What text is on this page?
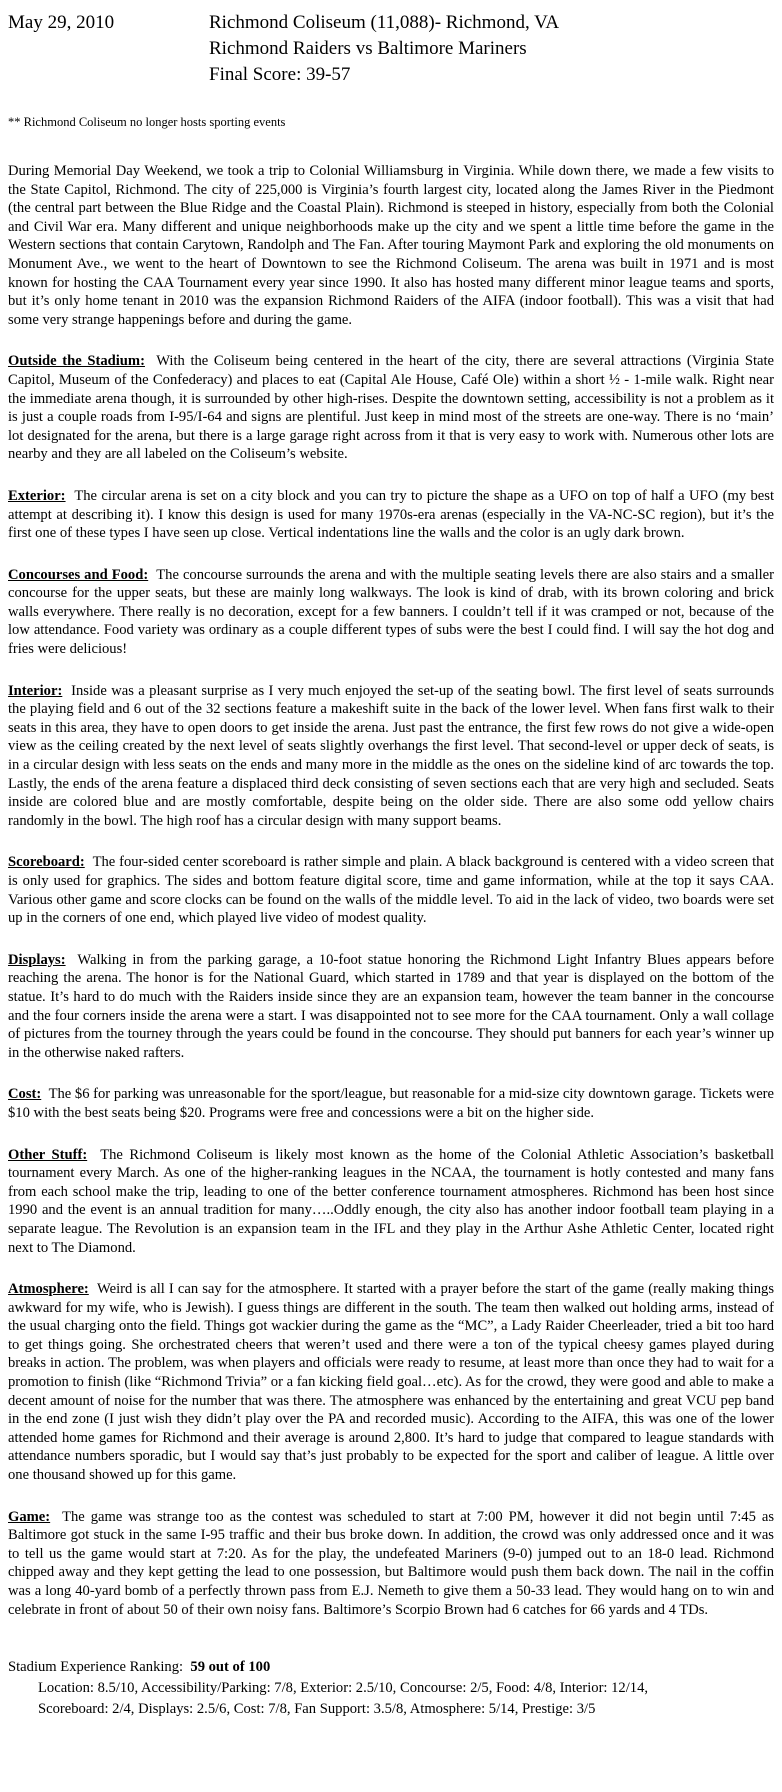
May 29, 2010	Richmond Coliseum (11,088)- Richmond, VA
Richmond Raiders vs Baltimore Mariners
Final Score: 39-57

** Richmond Coliseum no longer hosts sporting events

During Memorial Day Weekend, we took a trip to Colonial Williamsburg in Virginia. While down there, we made a few visits to the State Capitol, Richmond. The city of 225,000 is Virginia’s fourth largest city, located along the James River in the Piedmont (the central part between the Blue Ridge and the Coastal Plain). Richmond is steeped in history, especially from both the Colonial and Civil War era. Many different and unique neighborhoods make up the city and we spent a little time before the game in the Western sections that contain Carytown, Randolph and The Fan. After touring Maymont Park and exploring the old monuments on Monument Ave., we went to the heart of Downtown to see the Richmond Coliseum. The arena was built in 1971 and is most known for hosting the CAA Tournament every year since 1990. It also has hosted many different minor league teams and sports, but it’s only home tenant in 2010 was the expansion Richmond Raiders of the AIFA (indoor football). This was a visit that had some very strange happenings before and during the game.

Outside the Stadium: With the Coliseum being centered in the heart of the city, there are several attractions (Virginia State Capitol, Museum of the Confederacy) and places to eat (Capital Ale House, Café Ole) within a short ½ - 1-mile walk. Right near the immediate arena though, it is surrounded by other high-rises. Despite the downtown setting, accessibility is not a problem as it is just a couple roads from I-95/I-64 and signs are plentiful. Just keep in mind most of the streets are one-way. There is no ‘main’ lot designated for the arena, but there is a large garage right across from it that is very easy to work with. Numerous other lots are nearby and they are all labeled on the Coliseum’s website.

Exterior: The circular arena is set on a city block and you can try to picture the shape as a UFO on top of half a UFO (my best attempt at describing it). I know this design is used for many 1970s-era arenas (especially in the VA-NC-SC region), but it’s the first one of these types I have seen up close. Vertical indentations line the walls and the color is an ugly dark brown.

Concourses and Food: The concourse surrounds the arena and with the multiple seating levels there are also stairs and a smaller concourse for the upper seats, but these are mainly long walkways. The look is kind of drab, with its brown coloring and brick walls everywhere. There really is no decoration, except for a few banners. I couldn’t tell if it was cramped or not, because of the low attendance. Food variety was ordinary as a couple different types of subs were the best I could find. I will say the hot dog and fries were delicious!

Interior: Inside was a pleasant surprise as I very much enjoyed the set-up of the seating bowl. The first level of seats surrounds the playing field and 6 out of the 32 sections feature a makeshift suite in the back of the lower level. When fans first walk to their seats in this area, they have to open doors to get inside the arena. Just past the entrance, the first few rows do not give a wide-open view as the ceiling created by the next level of seats slightly overhangs the first level. That second-level or upper deck of seats, is in a circular design with less seats on the ends and many more in the middle as the ones on the sideline kind of arc towards the top. Lastly, the ends of the arena feature a displaced third deck consisting of seven sections each that are very high and secluded. Seats inside are colored blue and are mostly comfortable, despite being on the older side. There are also some odd yellow chairs randomly in the bowl. The high roof has a circular design with many support beams.

Scoreboard: The four-sided center scoreboard is rather simple and plain. A black background is centered with a video screen that is only used for graphics. The sides and bottom feature digital score, time and game information, while at the top it says CAA. Various other game and score clocks can be found on the walls of the middle level. To aid in the lack of video, two boards were set up in the corners of one end, which played live video of modest quality.

Displays: Walking in from the parking garage, a 10-foot statue honoring the Richmond Light Infantry Blues appears before reaching the arena. The honor is for the National Guard, which started in 1789 and that year is displayed on the bottom of the statue. It’s hard to do much with the Raiders inside since they are an expansion team, however the team banner in the concourse and the four corners inside the arena were a start. I was disappointed not to see more for the CAA tournament. Only a wall collage of pictures from the tourney through the years could be found in the concourse. They should put banners for each year’s winner up in the otherwise naked rafters.

Cost: The $6 for parking was unreasonable for the sport/league, but reasonable for a mid-size city downtown garage. Tickets were $10 with the best seats being $20. Programs were free and concessions were a bit on the higher side.

Other Stuff: The Richmond Coliseum is likely most known as the home of the Colonial Athletic Association’s basketball tournament every March. As one of the higher-ranking leagues in the NCAA, the tournament is hotly contested and many fans from each school make the trip, leading to one of the better conference tournament atmospheres. Richmond has been host since 1990 and the event is an annual tradition for many…..Oddly enough, the city also has another indoor football team playing in a separate league. The Revolution is an expansion team in the IFL and they play in the Arthur Ashe Athletic Center, located right next to The Diamond.

Atmosphere: Weird is all I can say for the atmosphere. It started with a prayer before the start of the game (really making things awkward for my wife, who is Jewish). I guess things are different in the south. The team then walked out holding arms, instead of the usual charging onto the field. Things got wackier during the game as the “MC”, a Lady Raider Cheerleader, tried a bit too hard to get things going. She orchestrated cheers that weren’t used and there were a ton of the typical cheesy games played during breaks in action. The problem, was when players and officials were ready to resume, at least more than once they had to wait for a promotion to finish (like “Richmond Trivia” or a fan kicking field goal…etc). As for the crowd, they were good and able to make a decent amount of noise for the number that was there. The atmosphere was enhanced by the entertaining and great VCU pep band in the end zone (I just wish they didn’t play over the PA and recorded music). According to the AIFA, this was one of the lower attended home games for Richmond and their average is around 2,800. It’s hard to judge that compared to league standards with attendance numbers sporadic, but I would say that’s just probably to be expected for the sport and caliber of league. A little over one thousand showed up for this game.

Game: The game was strange too as the contest was scheduled to start at 7:00 PM, however it did not begin until 7:45 as Baltimore got stuck in the same I-95 traffic and their bus broke down. In addition, the crowd was only addressed once and it was to tell us the game would start at 7:20. As for the play, the undefeated Mariners (9-0) jumped out to an 18-0 lead. Richmond chipped away and they kept getting the lead to one possession, but Baltimore would push them back down. The nail in the coffin was a long 40-yard bomb of a perfectly thrown pass from E.J. Nemeth to give them a 50-33 lead. They would hang on to win and celebrate in front of about 50 of their own noisy fans. Baltimore’s Scorpio Brown had 6 catches for 66 yards and 4 TDs.

Stadium Experience Ranking: 59 out of 100

Location: 8.5/10, Accessibility/Parking: 7/8, Exterior: 2.5/10, Concourse: 2/5, Food: 4/8, Interior: 12/14,

Scoreboard: 2/4, Displays: 2.5/6, Cost: 7/8, Fan Support: 3.5/8, Atmosphere: 5/14, Prestige: 3/5
